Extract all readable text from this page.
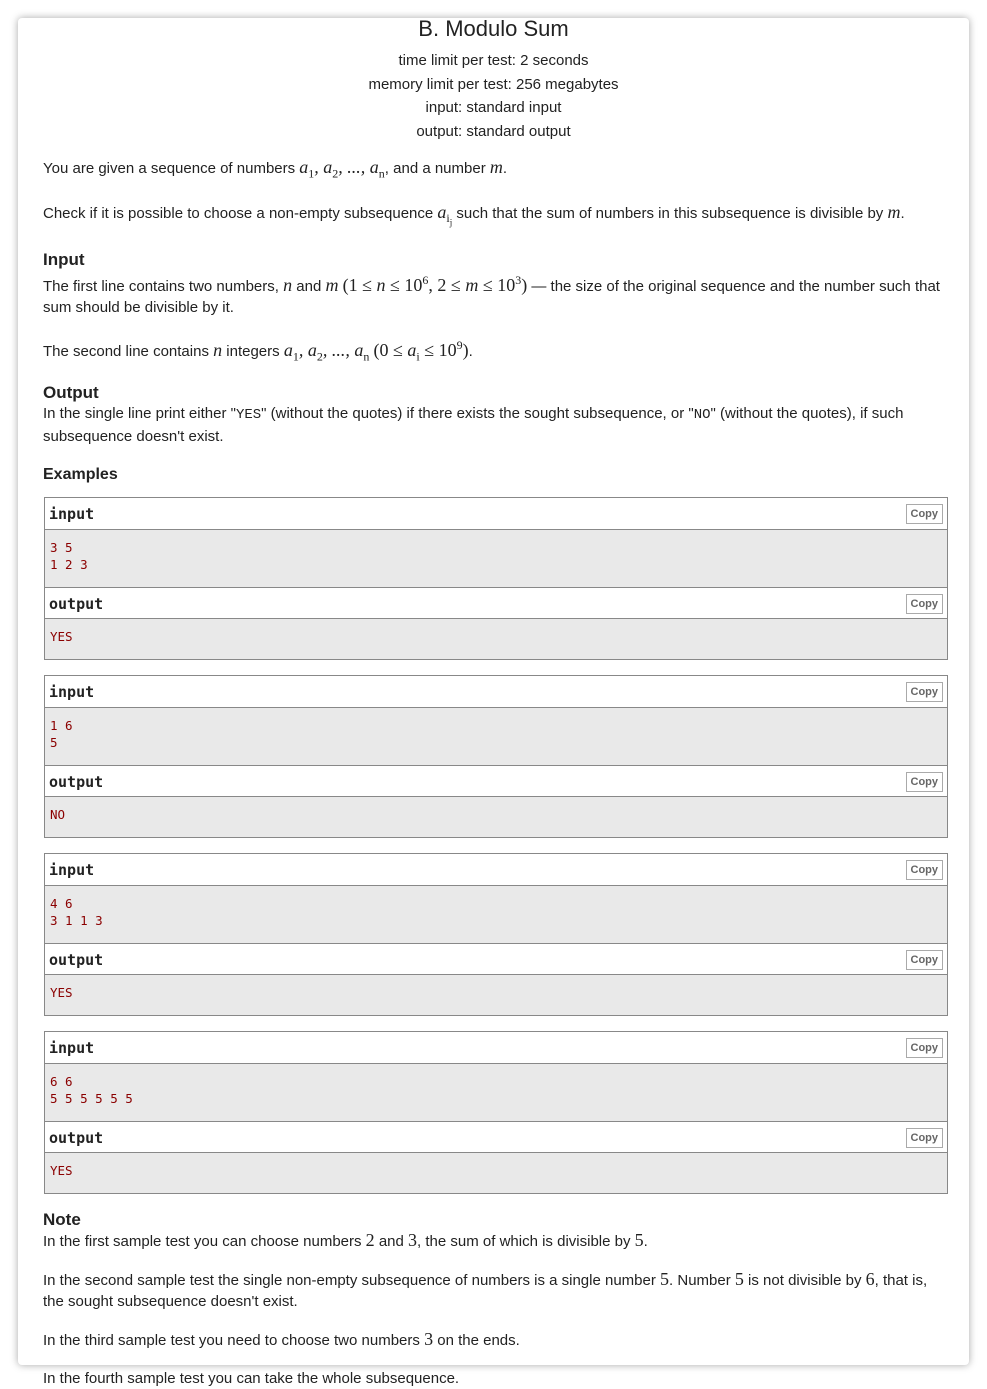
B. Modulo Sum
time limit per test: 2 seconds
memory limit per test: 256 megabytes
input: standard input
output: standard output

You are given a sequence of numbers $a_1$, $a_2$, ..., $a_n$, and a number m.

Check if it is possible to choose a non-empty subsequence $a_{i_j}$ such that the sum of numbers in this subsequence is divisible by m.

Input

The first line contains two numbers, n and m ($1 \le n \le 10^6$, $2 \le m \le 10^3$) — the size of the original sequence and the number such that sum should be divisible by it.

The second line contains n integers $a_1$, $a_2$, ..., $a_n$ $(0 \le a_i \le 10^9)$.

Output

In the single line print either "YES" (without the quotes) if there exists the sought subsequence, or "NO" (without the quotes), if such subsequence doesn't exist.

Examples
input	Copy
3 5
1 2 3
output	Copy
YES
input	Copy
1 6
5
output	Copy
NO
input	Copy
4 6
3 1 1 3
output	Copy
YES
input	Copy
6 6
5 5 5 5 5 5
output	Copy
YES
Note

In the first sample test you can choose numbers 2 and 3, the sum of which is divisible by 5.

In the second sample test the single non-empty subsequence of numbers is a single number 5. Number 5 is not divisible by 6, that is, the sought subsequence doesn't exist.

In the third sample test you need to choose two numbers 3 on the ends.

In the fourth sample test you can take the whole subsequence.
